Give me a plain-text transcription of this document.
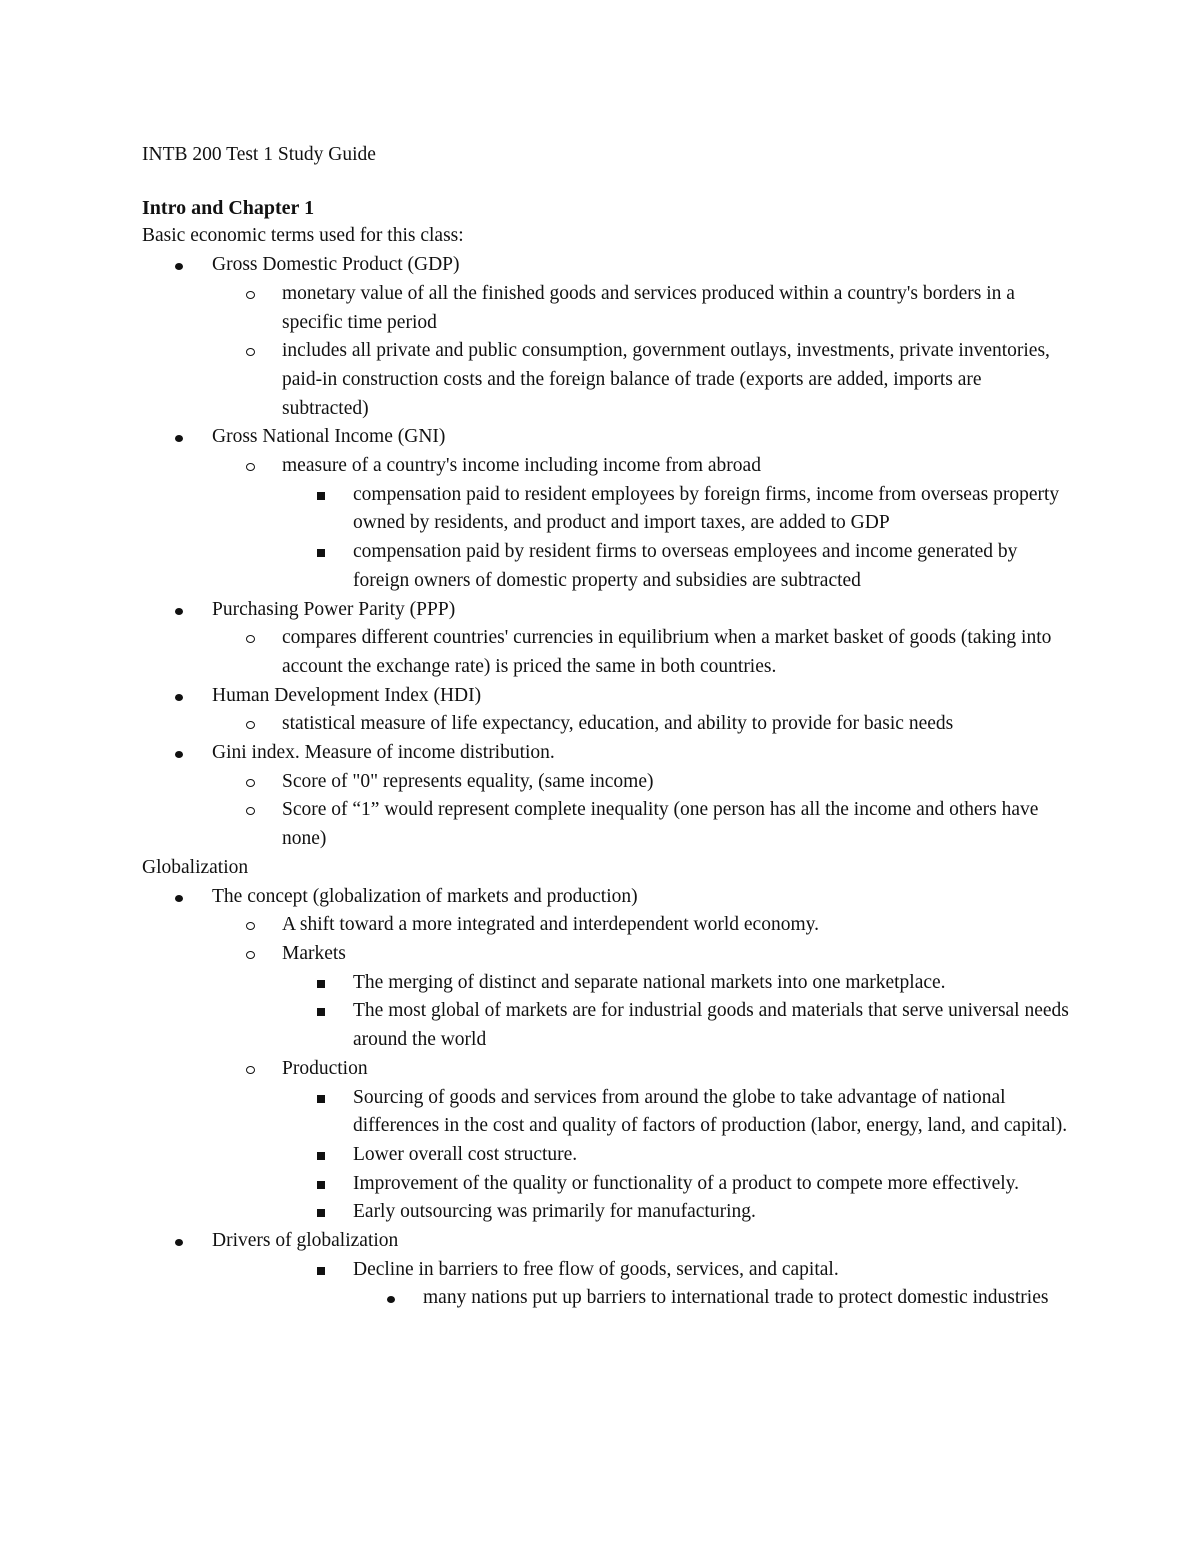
INTB 200 Test 1 Study Guide
Intro and Chapter 1
Basic economic terms used for this class:
Gross Domestic Product (GDP)
monetary value of all the finished goods and services produced within a country's borders in a specific time period
includes all private and public consumption, government outlays, investments, private inventories, paid-in construction costs and the foreign balance of trade (exports are added, imports are subtracted)
Gross National Income (GNI)
measure of a country's income including income from abroad
compensation paid to resident employees by foreign firms, income from overseas property owned by residents, and product and import taxes, are added to GDP
compensation paid by resident firms to overseas employees and income generated by foreign owners of domestic property and subsidies are subtracted
Purchasing Power Parity (PPP)
compares different countries' currencies in equilibrium when a market basket of goods (taking into account the exchange rate) is priced the same in both countries.
Human Development Index (HDI)
statistical measure of life expectancy, education, and ability to provide for basic needs
Gini index. Measure of income distribution.
Score of "0" represents equality, (same income)
Score of “1” would represent complete inequality (one person has all the income and others have none)
Globalization
The concept (globalization of markets and production)
A shift toward a more integrated and interdependent world economy.
Markets
The merging of distinct and separate national markets into one marketplace.
The most global of markets are for industrial goods and materials that serve universal needs around the world
Production
Sourcing of goods and services from around the globe to take advantage of national differences in the cost and quality of factors of production (labor, energy, land, and capital).
Lower overall cost structure.
Improvement of the quality or functionality of a product to compete more effectively.
Early outsourcing was primarily for manufacturing.
Drivers of globalization
Decline in barriers to free flow of goods, services, and capital.
many nations put up barriers to international trade to protect domestic industries
